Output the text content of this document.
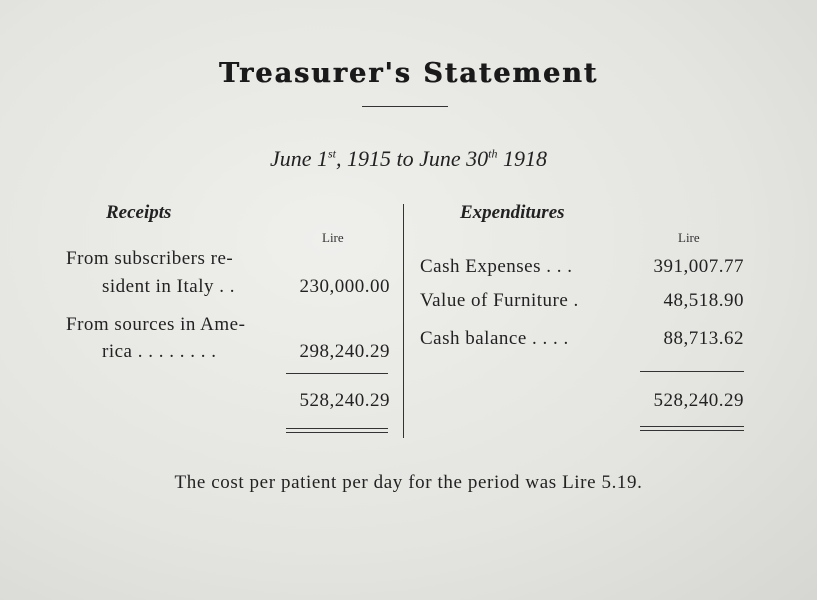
Treasurer's Statement
June 1st, 1915 to June 30th 1918
Receipts
Lire
From subscribers re-
sident in Italy . .	230,000.00
From sources in Ame-
rica . . . . . . . .	298,240.29
528,240.29
Expenditures
Lire
Cash Expenses . . .	391,007.77
Value of Furniture .	48,518.90
Cash balance . . . .	88,713.62
528,240.29
The cost per patient per day for the period was Lire 5.19.
